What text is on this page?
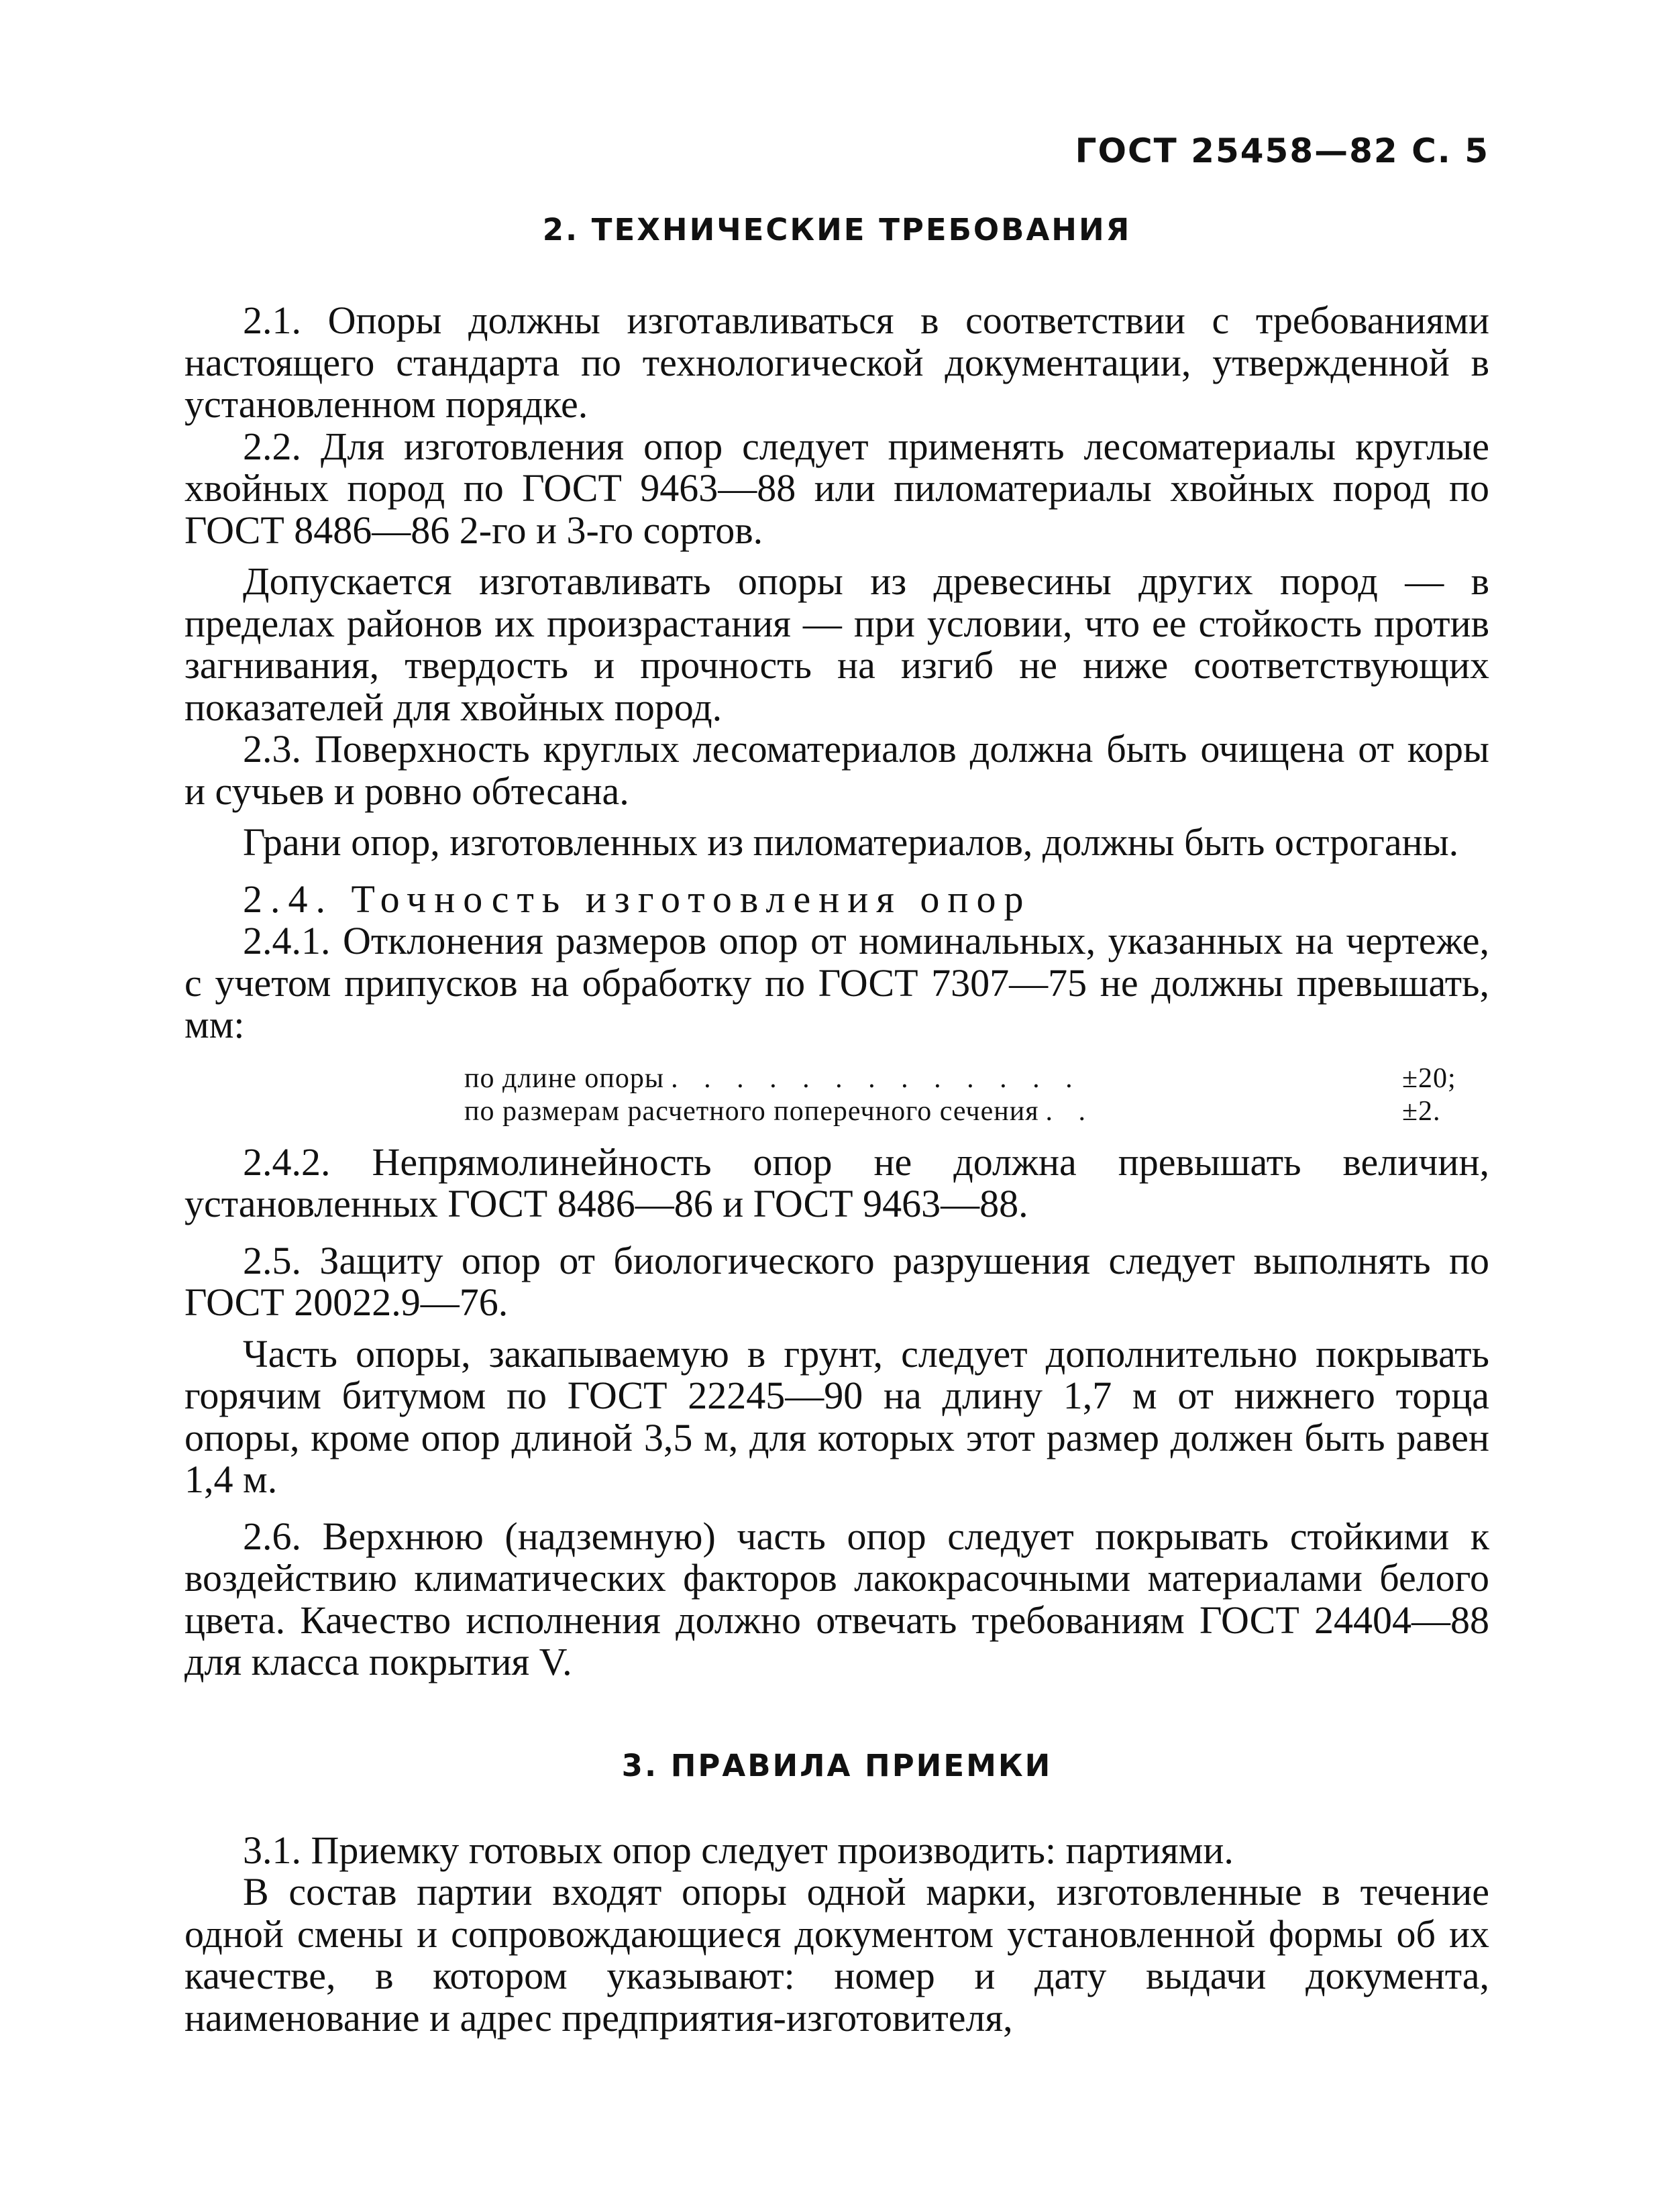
ГОСТ 25458—82 С. 5
2. ТЕХНИЧЕСКИЕ ТРЕБОВАНИЯ

2.1. Опоры должны изготавливаться в соответствии с требованиями настоящего стандарта по технологической документации, утвержденной в установленном порядке.

2.2. Для изготовления опор следует применять лесоматериалы круглые хвойных пород по ГОСТ 9463—88 или пиломатериалы хвойных пород по ГОСТ 8486—86 2-го и 3-го сортов.

Допускается изготавливать опоры из древесины других пород — в пределах районов их произрастания — при условии, что ее стойкость против загнивания, твердость и прочность на изгиб не ниже соответствующих показателей для хвойных пород.

2.3. Поверхность круглых лесоматериалов должна быть очищена от коры и сучьев и ровно обтесана.

Грани опор, изготовленных из пиломатериалов, должны быть остроганы.

2.4. Точность изготовления опор

2.4.1. Отклонения размеров опор от номинальных, указанных на чертеже, с учетом припусков на обработку по ГОСТ 7307—75 не должны превышать, мм:

по длине опоры . . . . . . . . . . . . .	±20;
по размерам расчетного поперечного сечения . .	±2.

2.4.2. Непрямолинейность опор не должна превышать величин, установленных ГОСТ 8486—86 и ГОСТ 9463—88.

2.5. Защиту опор от биологического разрушения следует выполнять по ГОСТ 20022.9—76.

Часть опоры, закапываемую в грунт, следует дополнительно покрывать горячим битумом по ГОСТ 22245—90 на длину 1,7 м от нижнего торца опоры, кроме опор длиной 3,5 м, для которых этот размер должен быть равен 1,4 м.

2.6. Верхнюю (надземную) часть опор следует покрывать стойкими к воздействию климатических факторов лакокрасочными материалами белого цвета. Качество исполнения должно отвечать требованиям ГОСТ 24404—88 для класса покрытия V.

3. ПРАВИЛА ПРИЕМКИ

3.1. Приемку готовых опор следует производить: партиями.

В состав партии входят опоры одной марки, изготовленные в течение одной смены и сопровождающиеся документом установленной формы об их качестве, в котором указывают: номер и дату выдачи документа, наименование и адрес предприятия-изготовителя,
